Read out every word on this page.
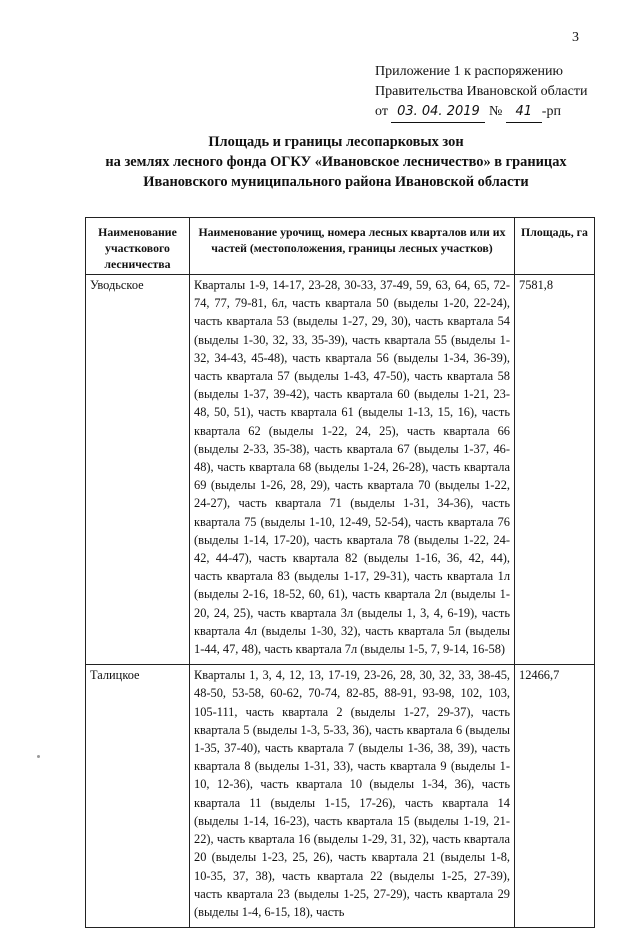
3
Приложение 1 к распоряжению
Правительства Ивановской области
от 03. 04. 2019 № 41 -рп
Площадь и границы лесопарковых зон
на землях лесного фонда ОГКУ «Ивановское лесничество» в границах
Ивановского муниципального района Ивановской области
Наименование участкового лесничества	Наименование урочищ, номера лесных кварталов или их частей (местоположения, границы лесных участков)	Площадь, га
Уводьское	Кварталы 1-9, 14-17, 23-28, 30-33, 37-49, 59, 63, 64, 65, 72-74, 77, 79-81, 6л, часть квартала 50 (выделы 1-20, 22-24), часть квартала 53 (выделы 1-27, 29, 30), часть квартала 54 (выделы 1-30, 32, 33, 35-39), часть квартала 55 (выделы 1-32, 34-43, 45-48), часть квартала 56 (выделы 1-34, 36-39), часть квартала 57 (выделы 1-43, 47-50), часть квартала 58 (выделы 1-37, 39-42), часть квартала 60 (выделы 1-21, 23-48, 50, 51), часть квартала 61 (выделы 1-13, 15, 16), часть квартала 62 (выделы 1-22, 24, 25), часть квартала 66 (выделы 2-33, 35-38), часть квартала 67 (выделы 1-37, 46-48), часть квартала 68 (выделы 1-24, 26-28), часть квартала 69 (выделы 1-26, 28, 29), часть квартала 70 (выделы 1-22, 24-27), часть квартала 71 (выделы 1-31, 34-36), часть квартала 75 (выделы 1-10, 12-49, 52-54), часть квартала 76 (выделы 1-14, 17-20), часть квартала 78 (выделы 1-22, 24-42, 44-47), часть квартала 82 (выделы 1-16, 36, 42, 44), часть квартала 83 (выделы 1-17, 29-31), часть квартала 1л (выделы 2-16, 18-52, 60, 61), часть квартала 2л (выделы 1-20, 24, 25), часть квартала 3л (выделы 1, 3, 4, 6-19), часть квартала 4л (выделы 1-30, 32), часть квартала 5л (выделы 1-44, 47, 48), часть квартала 7л (выделы 1-5, 7, 9-14, 16-58)	7581,8
Талицкое	Кварталы 1, 3, 4, 12, 13, 17-19, 23-26, 28, 30, 32, 33, 38-45, 48-50, 53-58, 60-62, 70-74, 82-85, 88-91, 93-98, 102, 103, 105-111, часть квартала 2 (выделы 1-27, 29-37), часть квартала 5 (выделы 1-3, 5-33, 36), часть квартала 6 (выделы 1-35, 37-40), часть квартала 7 (выделы 1-36, 38, 39), часть квартала 8 (выделы 1-31, 33), часть квартала 9 (выделы 1-10, 12-36), часть квартала 10 (выделы 1-34, 36), часть квартала 11 (выделы 1-15, 17-26), часть квартала 14 (выделы 1-14, 16-23), часть квартала 15 (выделы 1-19, 21-22), часть квартала 16 (выделы 1-29, 31, 32), часть квартала 20 (выделы 1-23, 25, 26), часть квартала 21 (выделы 1-8, 10-35, 37, 38), часть квартала 22 (выделы 1-25, 27-39), часть квартала 23 (выделы 1-25, 27-29), часть квартала 29 (выделы 1-4, 6-15, 18), часть	12466,7
